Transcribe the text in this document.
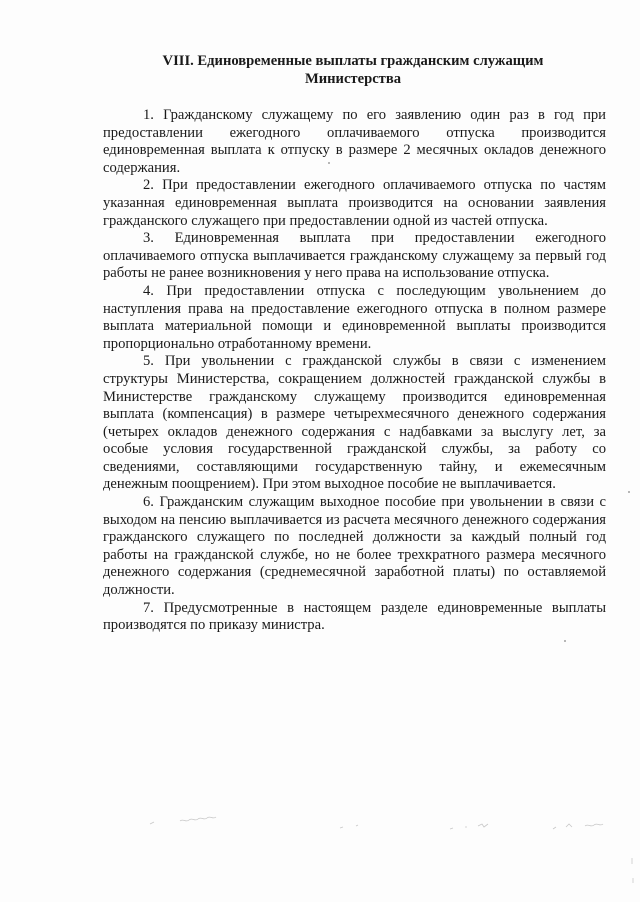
VIII. Единовременные выплаты гражданским служащим
Министерства

1. Гражданскому служащему по его заявлению один раз в год при предоставлении ежегодного оплачиваемого отпуска производится единовременная выплата к отпуску в размере 2 месячных окладов денежного содержания.

2. При предоставлении ежегодного оплачиваемого отпуска по частям указанная единовременная выплата производится на основании заявления гражданского служащего при предоставлении одной из частей отпуска.

3. Единовременная выплата при предоставлении ежегодного оплачиваемого отпуска выплачивается гражданскому служащему за первый год работы не ранее возникновения у него права на использование отпуска.

4. При предоставлении отпуска с последующим увольнением до наступления права на предоставление ежегодного отпуска в полном размере выплата материальной помощи и единовременной выплаты производится пропорционально отработанному времени.

5. При увольнении с гражданской службы в связи с изменением структуры Министерства, сокращением должностей гражданской службы в Министерстве гражданскому служащему производится единовременная выплата (компенсация) в размере четырехмесячного денежного содержания (четырех окладов денежного содержания с надбавками за выслугу лет, за особые условия государственной гражданской службы, за работу со сведениями, составляющими государственную тайну, и ежемесячным денежным поощрением). При этом выходное пособие не выплачивается.

6. Гражданским служащим выходное пособие при увольнении в связи с выходом на пенсию выплачивается из расчета месячного денежного содержания гражданского служащего по последней должности за каждый полный год работы на гражданской службе, но не более трехкратного размера месячного денежного содержания (среднемесячной заработной платы) по оставляемой должности.

7. Предусмотренные в настоящем разделе единовременные выплаты производятся по приказу министра.
